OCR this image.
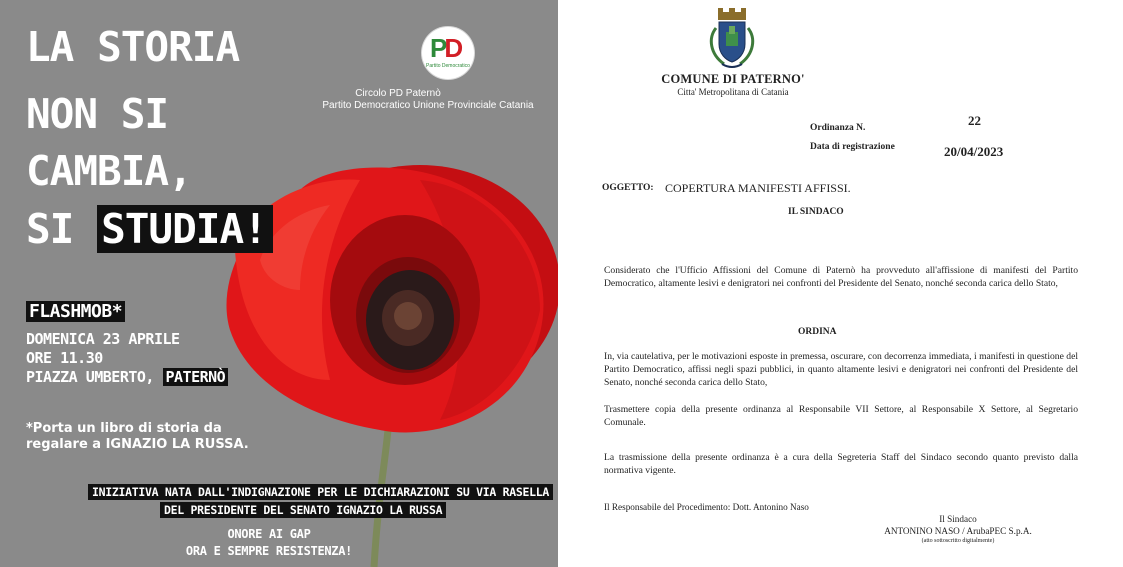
LA STORIA
NON SI
CAMBIA,
SI STUDIA!
PD
Partito Democratico
Circolo PD Paternò
Partito Democratico Unione Provinciale Catania
FLASHMOB*
DOMENICA 23 APRILE
ORE 11.30
PIAZZA UMBERTO, PATERNÒ
*Porta un libro di storia da
regalare a IGNAZIO LA RUSSA.
INIZIATIVA NATA DALL'INDIGNAZIONE PER LE DICHIARAZIONI SU VIA RASELLA
DEL PRESIDENTE DEL SENATO IGNAZIO LA RUSSA
ONORE AI GAP
ORA E SEMPRE RESISTENZA!
COMUNE DI PATERNO'
Citta' Metropolitana di Catania
Ordinanza N.	22
Data di registrazione	20/04/2023
OGGETTO: COPERTURA MANIFESTI AFFISSI.
IL SINDACO
Considerato che l'Ufficio Affissioni del Comune di Paternò ha provveduto all'affissione di manifesti del Partito Democratico, altamente lesivi e denigratori nei confronti del Presidente del Senato, nonché seconda carica dello Stato,
ORDINA
In, via cautelativa, per le motivazioni esposte in premessa, oscurare, con decorrenza immediata, i manifesti in questione del Partito Democratico, affissi negli spazi pubblici, in quanto altamente lesivi e denigratori nei confronti del Presidente del Senato, nonché seconda carica dello Stato,
Trasmettere copia della presente ordinanza al Responsabile VII Settore, al Responsabile X Settore, al Segretario Comunale.
La trasmissione della presente ordinanza è a cura della Segreteria Staff del Sindaco secondo quanto previsto dalla normativa vigente.
Il Responsabile del Procedimento: Dott. Antonino Naso
Il Sindaco
ANTONINO NASO / ArubaPEC S.p.A.
(atto sottoscritto digitalmente)
